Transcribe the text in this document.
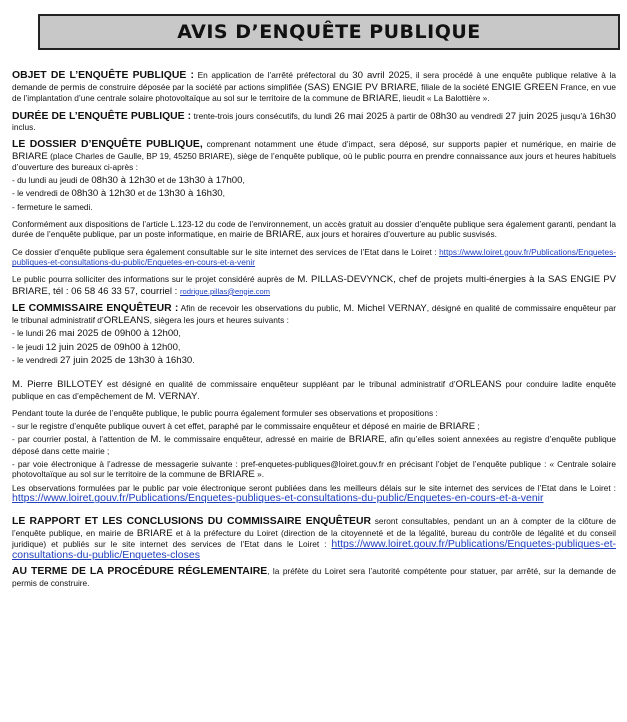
AVIS D’ENQUÊTE PUBLIQUE

OBJET DE L’ENQUÊTE PUBLIQUE : En application de l’arrêté préfectoral du 30 avril 2025, il sera procédé à une enquête publique relative à la demande de permis de construire déposée par la société par actions simplifiée (SAS) ENGIE PV BRIARE, filiale de la société ENGIE GREEN France, en vue de l’implantation d’une centrale solaire photovoltaïque au sol sur le territoire de la commune de BRIARE, lieudit « La Balottière ».

DURÉE DE L’ENQUÊTE PUBLIQUE : trente-trois jours consécutifs, du lundi 26 mai 2025 à partir de 08h30 au vendredi 27 juin 2025 jusqu’à 16h30 inclus.

LE DOSSIER D’ENQUÊTE PUBLIQUE, comprenant notamment une étude d’impact, sera déposé, sur supports papier et numérique, en mairie de BRIARE (place Charles de Gaulle, BP 19, 45250 BRIARE), siège de l’enquête publique, où le public pourra en prendre connaissance aux jours et heures habituels d’ouverture des bureaux ci-après :

- du lundi au jeudi de 08h30 à 12h30 et de 13h30 à 17h00,

- le vendredi de 08h30 à 12h30 et de 13h30 à 16h30,

- fermeture le samedi.

Conformément aux dispositions de l’article L.123-12 du code de l’environnement, un accès gratuit au dossier d’enquête publique sera également garanti, pendant la durée de l’enquête publique, par un poste informatique, en mairie de BRIARE, aux jours et horaires d’ouverture au public susvisés.

Ce dossier d’enquête publique sera également consultable sur le site internet des services de l’Etat dans le Loiret : https://www.loiret.gouv.fr/Publications/Enquetes-publiques-et-consultations-du-public/Enquetes-en-cours-et-a-venir

Le public pourra solliciter des informations sur le projet considéré auprès de M. PILLAS-DEVYNCK, chef de projets multi-énergies à la SAS ENGIE PV BRIARE, tél : 06 58 46 33 57, courriel : rodrigue.pillas@engie.com

LE COMMISSAIRE ENQUÊTEUR : Afin de recevoir les observations du public, M. Michel VERNAY, désigné en qualité de commissaire enquêteur par le tribunal administratif d’ORLEANS, siègera les jours et heures suivants :

- le lundi 26 mai 2025 de 09h00 à 12h00,

- le jeudi 12 juin 2025 de 09h00 à 12h00,

- le vendredi 27 juin 2025 de 13h30 à 16h30.

M. Pierre BILLOTEY est désigné en qualité de commissaire enquêteur suppléant par le tribunal administratif d’ORLEANS pour conduire ladite enquête publique en cas d’empêchement de M. VERNAY.

Pendant toute la durée de l’enquête publique, le public pourra également formuler ses observations et propositions :

- sur le registre d’enquête publique ouvert à cet effet, paraphé par le commissaire enquêteur et déposé en mairie de BRIARE ;

- par courrier postal, à l’attention de M. le commissaire enquêteur, adressé en mairie de BRIARE, afin qu’elles soient annexées au registre d’enquête publique déposé dans cette mairie ;

- par voie électronique à l’adresse de messagerie suivante : pref-enquetes-publiques@loiret.gouv.fr en précisant l’objet de l’enquête publique : « Centrale solaire photovoltaïque au sol sur le territoire de la commune de BRIARE ».

Les observations formulées par le public par voie électronique seront publiées dans les meilleurs délais sur le site internet des services de l’Etat dans le Loiret : https://www.loiret.gouv.fr/Publications/Enquetes-publiques-et-consultations-du-public/Enquetes-en-cours-et-a-venir

LE RAPPORT ET LES CONCLUSIONS DU COMMISSAIRE ENQUÊTEUR seront consultables, pendant un an à compter de la clôture de l’enquête publique, en mairie de BRIARE et à la préfecture du Loiret (direction de la citoyenneté et de la légalité, bureau du contrôle de légalité et du conseil juridique) et publiés sur le site internet des services de l’Etat dans le Loiret : https://www.loiret.gouv.fr/Publications/Enquetes-publiques-et-consultations-du-public/Enquetes-closes

AU TERME DE LA PROCÉDURE RÉGLEMENTAIRE, la préfète du Loiret sera l’autorité compétente pour statuer, par arrêté, sur la demande de permis de construire.
